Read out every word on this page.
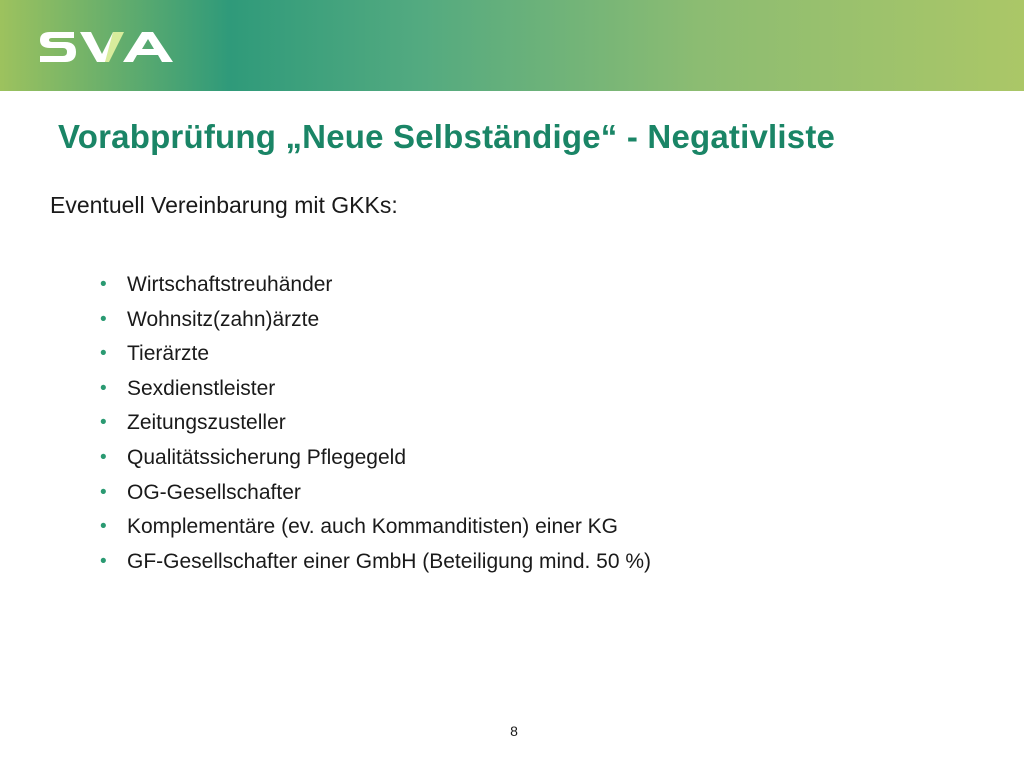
Vorabprüfung „Neue Selbständige“ - Negativliste

Eventuell Vereinbarung mit GKKs:

• Wirtschaftstreuhänder
• Wohnsitz(zahn)ärzte
• Tierärzte
• Sexdienstleister
• Zeitungszusteller
• Qualitätssicherung Pflegegeld
• OG-Gesellschafter
• Komplementäre (ev. auch Kommanditisten) einer KG
• GF-Gesellschafter einer GmbH (Beteiligung mind. 50 %)
8
